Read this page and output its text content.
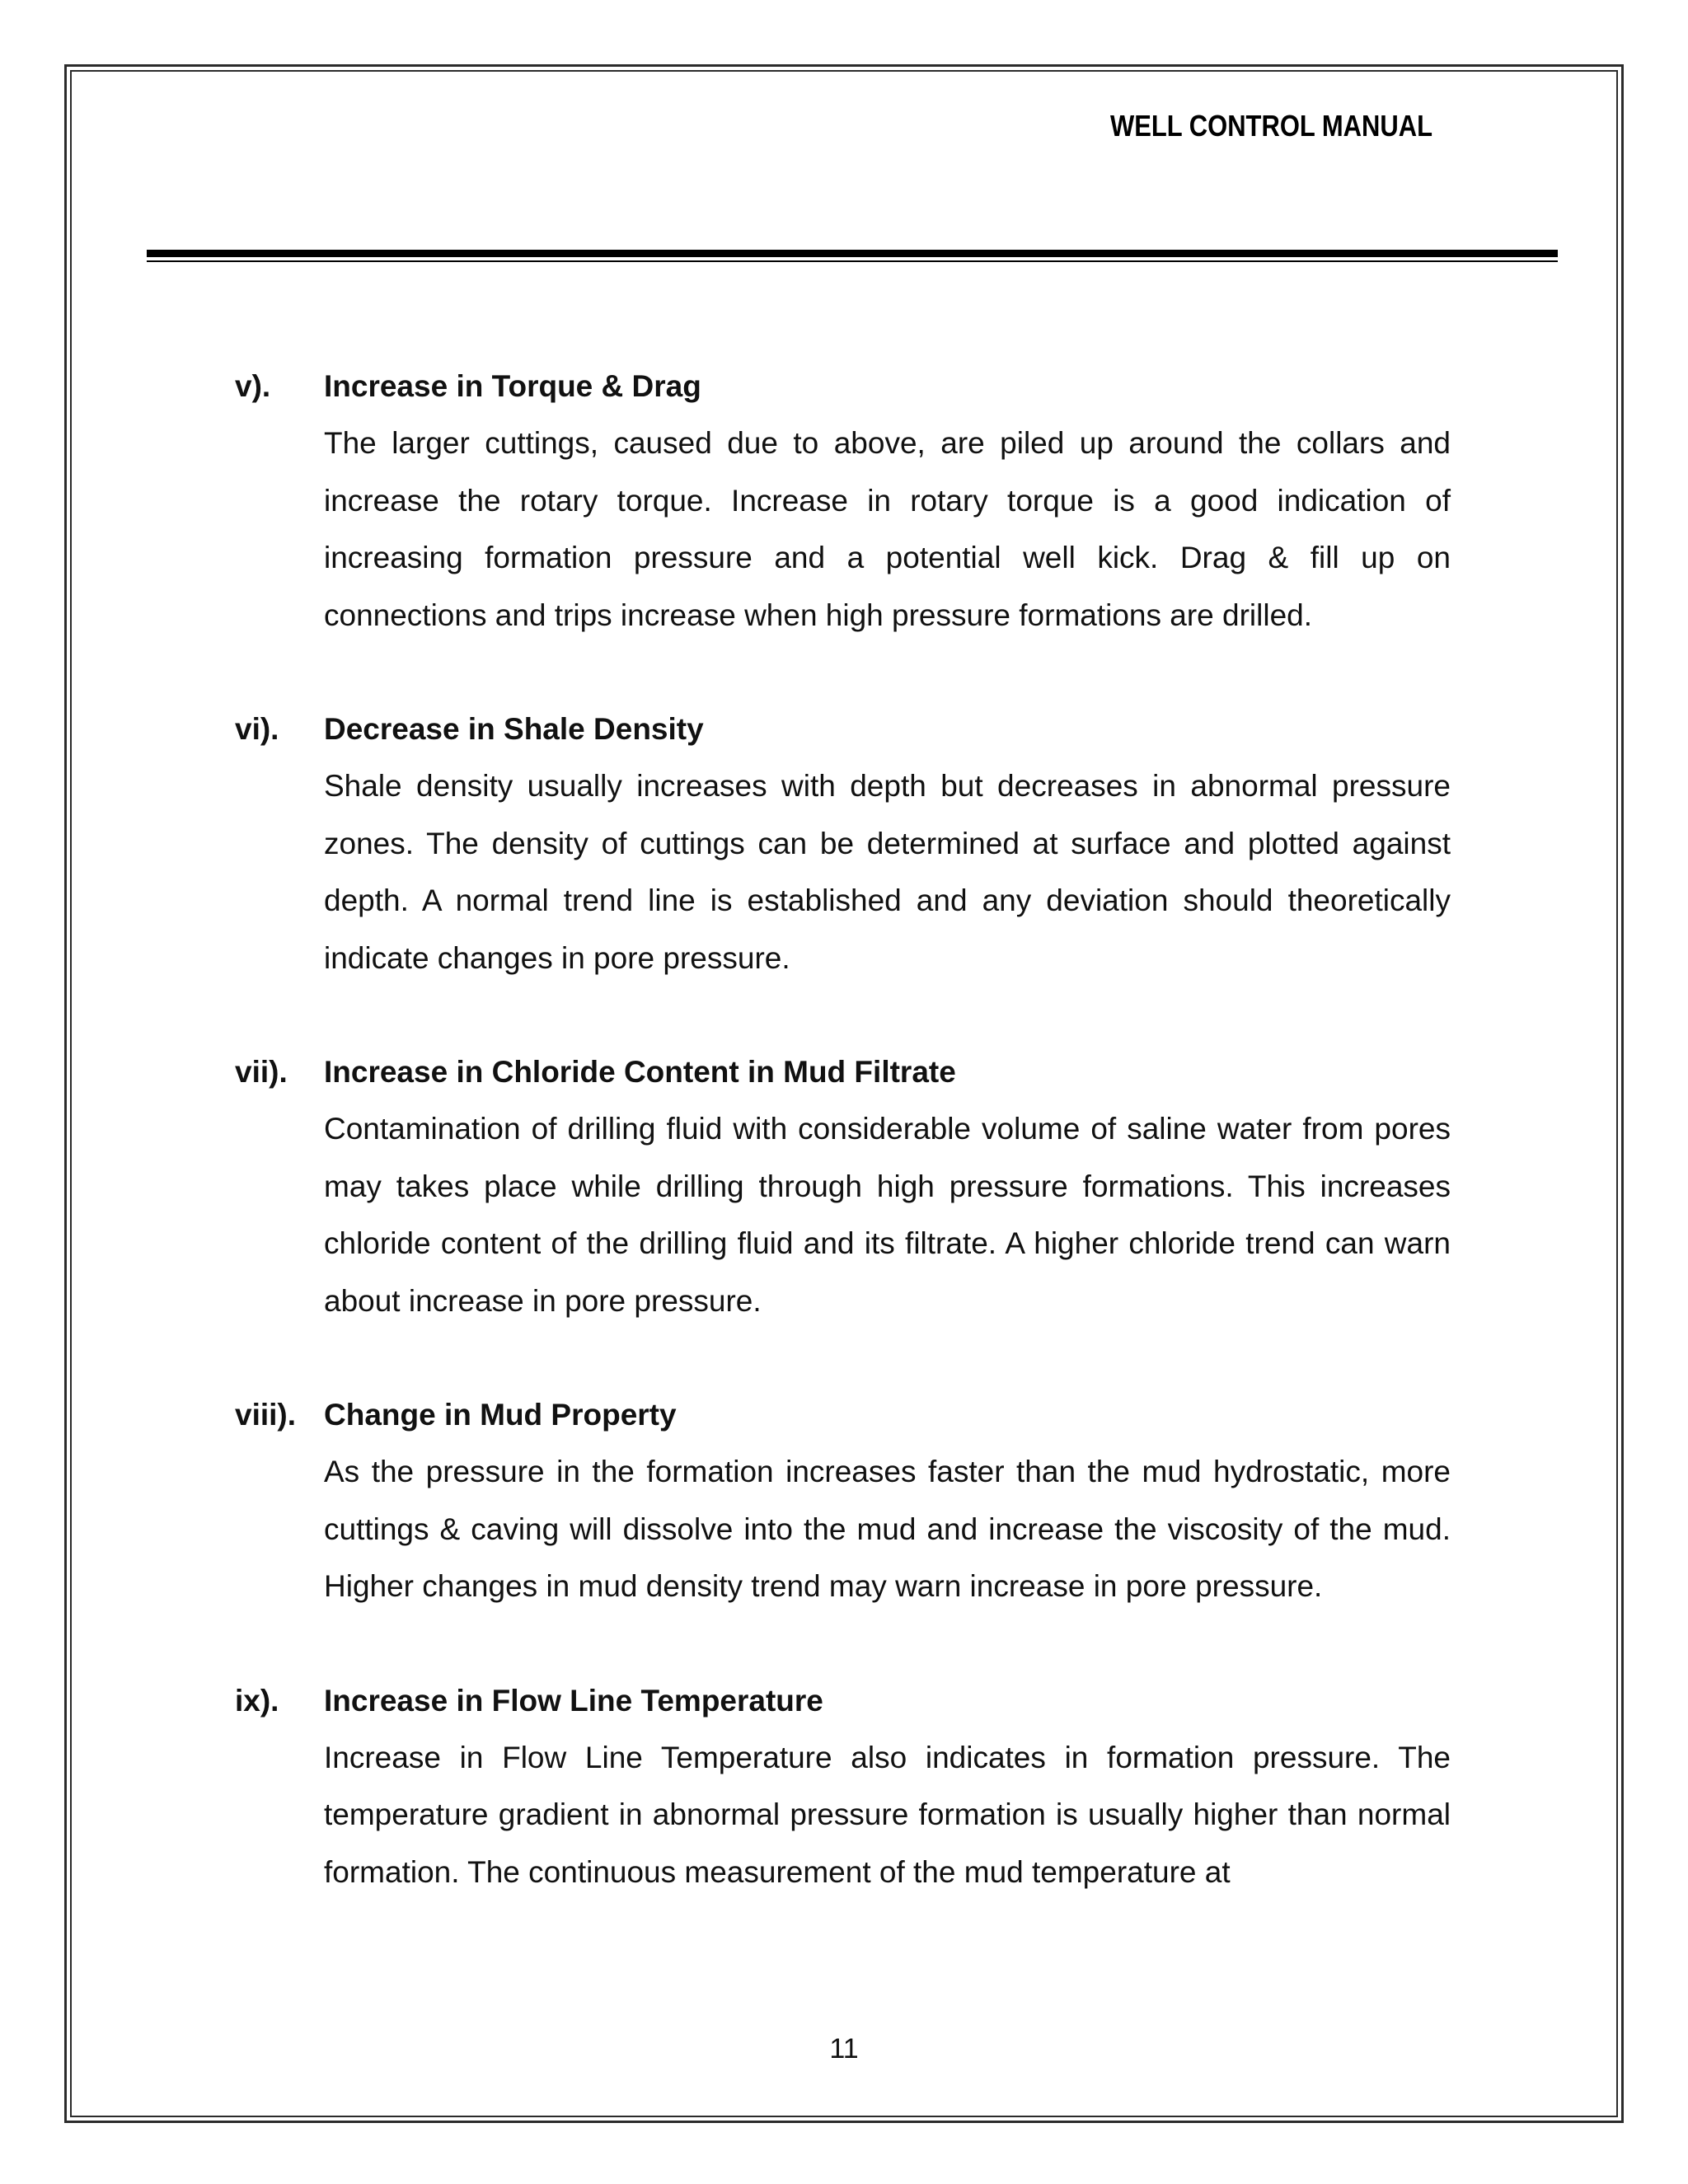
WELL CONTROL MANUAL
v). Increase in Torque & Drag
The larger cuttings, caused due to above, are piled up around the collars and increase the rotary torque. Increase in rotary torque is a good indication of increasing formation pressure and a potential well kick. Drag & fill up on connections and trips increase when high pressure formations are drilled.
vi). Decrease in Shale Density
Shale density usually increases with depth but decreases in abnormal pressure zones. The density of cuttings can be determined at surface and plotted against depth. A normal trend line is established and any deviation should theoretically indicate changes in pore pressure.
vii). Increase in Chloride Content in Mud Filtrate
Contamination of drilling fluid with considerable volume of saline water from pores may takes place while drilling through high pressure formations. This increases chloride content of the drilling fluid and its filtrate. A higher chloride trend can warn about increase in pore pressure.
viii). Change in Mud Property
As the pressure in the formation increases faster than the mud hydrostatic, more cuttings & caving will dissolve into the mud and increase the viscosity of the mud. Higher changes in mud density trend may warn increase in pore pressure.
ix). Increase in Flow Line Temperature
Increase in Flow Line Temperature also indicates in formation pressure. The temperature gradient in abnormal pressure formation is usually higher than normal formation. The continuous measurement of the mud temperature at
11
